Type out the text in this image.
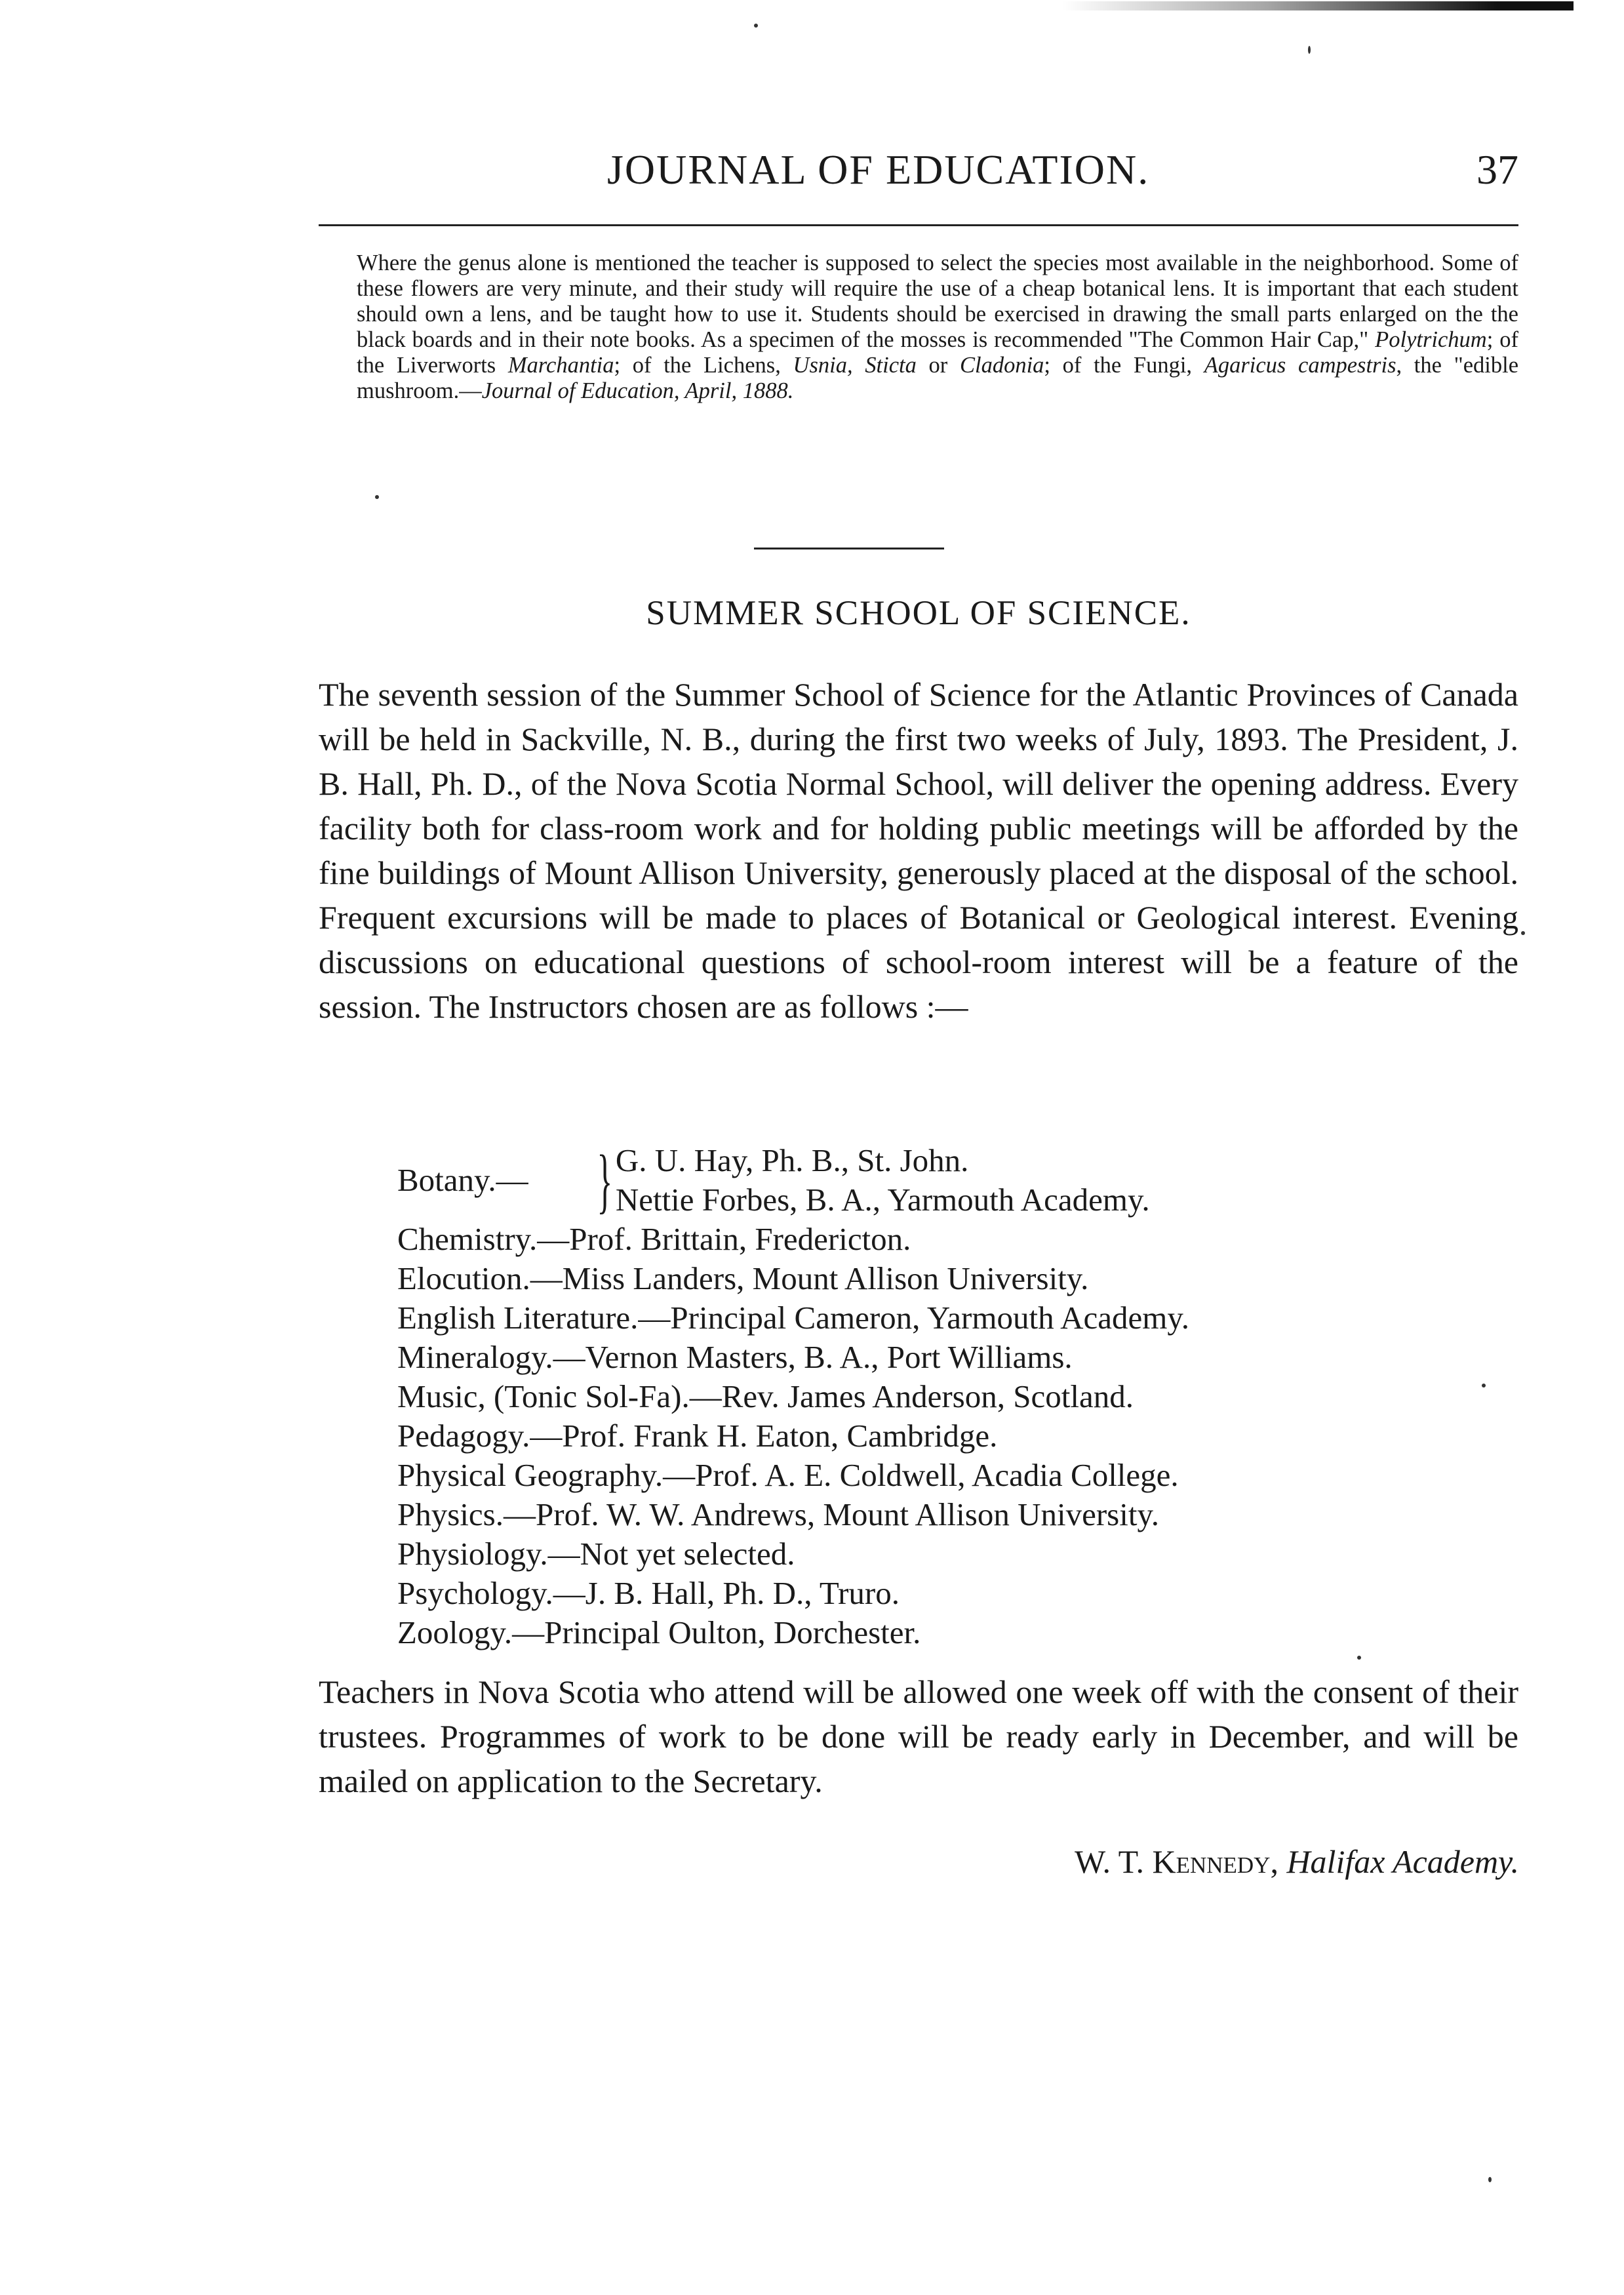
JOURNAL OF EDUCATION.	37

Where the genus alone is mentioned the teacher is supposed to select the species most available in the neighborhood. Some of these flowers are very minute, and their study will require the use of a cheap botanical lens. It is important that each student should own a lens, and be taught how to use it. Students should be exercised in drawing the small parts enlarged on the the black boards and in their note books. As a specimen of the mosses is recommended "The Common Hair Cap," Polytrichum; of the Liverworts Marchantia; of the Lichens, Usnia, Sticta or Cladonia; of the Fungi, Agaricus campestris, the "edible mushroom.—Journal of Education, April, 1888.

SUMMER SCHOOL OF SCIENCE.

The seventh session of the Summer School of Science for the Atlantic Provinces of Canada will be held in Sackville, N. B., during the first two weeks of July, 1893. The President, J. B. Hall, Ph. D., of the Nova Scotia Normal School, will deliver the opening address. Every facility both for class-room work and for holding public meetings will be afforded by the fine buildings of Mount Allison University, generously placed at the disposal of the school. Frequent excursions will be made to places of Botanical or Geological interest. Evening discussions on educational questions of school-room interest will be a feature of the session. The Instructors chosen are as follows :—

Botany.— } G. U. Hay, Ph. B., St. John.
Nettie Forbes, B. A., Yarmouth Academy.
Chemistry.—Prof. Brittain, Fredericton.
Elocution.—Miss Landers, Mount Allison University.
English Literature.—Principal Cameron, Yarmouth Academy.
Mineralogy.—Vernon Masters, B. A., Port Williams.
Music, (Tonic Sol-Fa).—Rev. James Anderson, Scotland.
Pedagogy.—Prof. Frank H. Eaton, Cambridge.
Physical Geography.—Prof. A. E. Coldwell, Acadia College.
Physics.—Prof. W. W. Andrews, Mount Allison University.
Physiology.—Not yet selected.
Psychology.—J. B. Hall, Ph. D., Truro.
Zoology.—Principal Oulton, Dorchester.

Teachers in Nova Scotia who attend will be allowed one week off with the consent of their trustees. Programmes of work to be done will be ready early in December, and will be mailed on application to the Secretary.

W. T. Kennedy, Halifax Academy.
